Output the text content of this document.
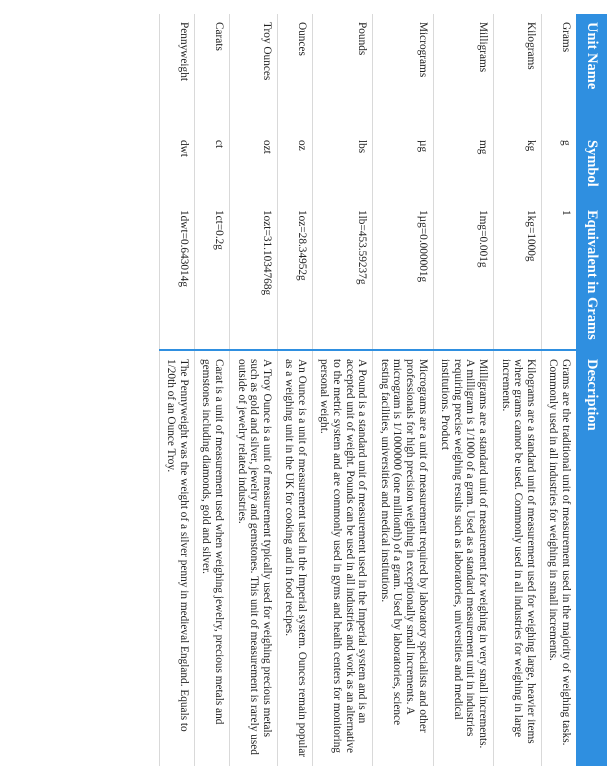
Unit Name	Symbol	Equivalent in Grams	Description
Grams	g	1	Grams are the traditional unit of measurement used in the majority of weighing tasks. Commonly used in all industries for weighing in small increments.
Kilograms	kg	1kg=1000g	Kilograms are a standard unit of measurement used for weighing large, heavier items where grams cannot be used. Commonly used in all industries for weighing in large increments.
Milligrams	mg	1mg=0.001g	Milligrams are a standard unit of measurement for weighing in very small increments. A milligram is 1/1000 of a gram. Used as a standard measurement unit in industries requiring precise weighing results such as laboratories, universities and medical institutions. Product
Micrograms	µg	1µg=0.000001g	Micrograms are a unit of measurement required by laboratory specialists and other professionals for high precision weighing in exceptionally small increments. A microgram is 1/1000000 (one millionth) of a gram. Used by laboratories, science testing facilities, universities and medical institutions.
Pounds	lbs	1lb=453.59237g	A Pound is a standard unit of measurement used in the Imperial system and is an accepted unit of weight. Pounds can be used in all industries and work as an alternative to the metric system and are commonly used in gyms and health centers for monitoring personal weight.
Ounces	oz	1oz=28.34952g	An Ounce is a unit of measurement used in the Imperial system. Ounces remain popular as a weighing unit in the UK for cooking and in food recipes.
Troy Ounces	ozt	1ozt=31.1034768g	A Troy Ounce is a unit of measurement typically used for weighing precious metals such as gold and silver, jewelry and gemstones. This unit of measurement is rarely used outside of jewelry related industries.
Carats	ct	1ct=0.2g	Carat is a unit of measurement used when weighing jewelry, precious metals and gemstones including diamonds, gold and silver.
Pennyweight	dwt	1dwt=0.643014g	The Pennyweight was the weight of a silver penny in medieval England. Equals to 1/20th of an Ounce Troy.
